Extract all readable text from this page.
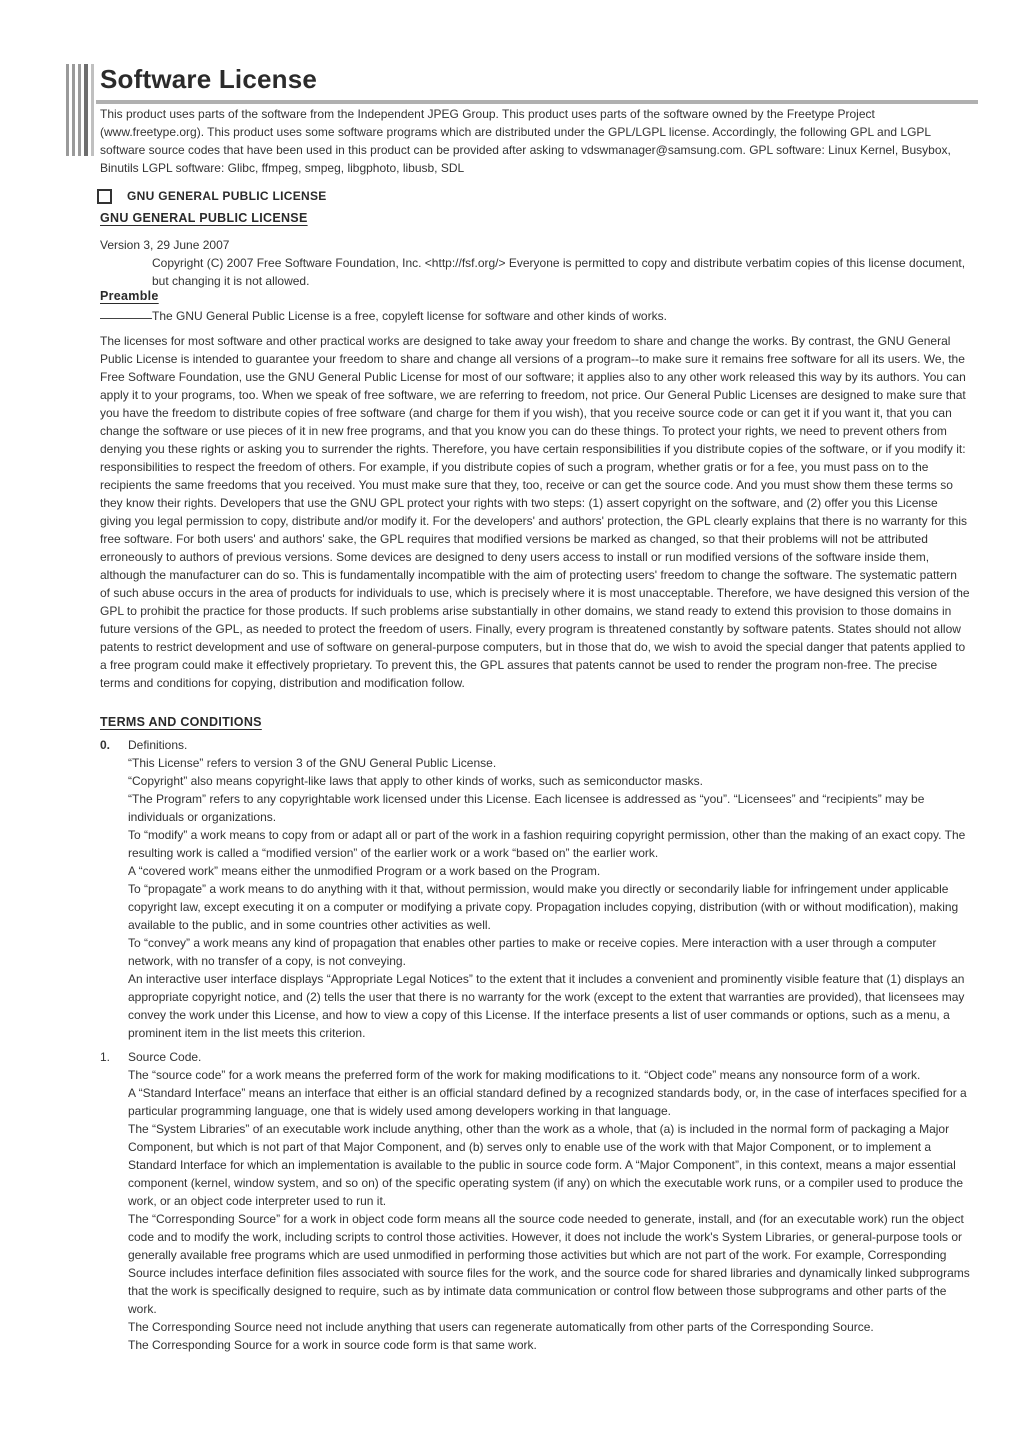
Software License

This product uses parts of the software from the Independent JPEG Group. This product uses parts of the software owned by the Freetype Project (www.freetype.org). This product uses some software programs which are distributed under the GPL/LGPL license. Accordingly, the following GPL and LGPL software source codes that have been used in this product can be provided after asking to vdswmanager@samsung.com. GPL software: Linux Kernel, Busybox, Binutils LGPL software: Glibc, ffmpeg, smpeg, libgphoto, libusb, SDL

GNU GENERAL PUBLIC LICENSE
GNU GENERAL PUBLIC LICENSE

Version 3, 29 June 2007

Copyright (C) 2007 Free Software Foundation, Inc. <http://fsf.org/> Everyone is permitted to copy and distribute verbatim copies of this license document, but changing it is not allowed.

Preamble

The GNU General Public License is a free, copyleft license for software and other kinds of works.

The licenses for most software and other practical works are designed to take away your freedom to share and change the works. By contrast, the GNU General Public License is intended to guarantee your freedom to share and change all versions of a program--to make sure it remains free software for all its users. We, the Free Software Foundation, use the GNU General Public License for most of our software; it applies also to any other work released this way by its authors. You can apply it to your programs, too. When we speak of free software, we are referring to freedom, not price. Our General Public Licenses are designed to make sure that you have the freedom to distribute copies of free software (and charge for them if you wish), that you receive source code or can get it if you want it, that you can change the software or use pieces of it in new free programs, and that you know you can do these things. To protect your rights, we need to prevent others from denying you these rights or asking you to surrender the rights. Therefore, you have certain responsibilities if you distribute copies of the software, or if you modify it: responsibilities to respect the freedom of others. For example, if you distribute copies of such a program, whether gratis or for a fee, you must pass on to the recipients the same freedoms that you received. You must make sure that they, too, receive or can get the source code. And you must show them these terms so they know their rights. Developers that use the GNU GPL protect your rights with two steps: (1) assert copyright on the software, and (2) offer you this License giving you legal permission to copy, distribute and/or modify it. For the developers' and authors' protection, the GPL clearly explains that there is no warranty for this free software. For both users' and authors' sake, the GPL requires that modified versions be marked as changed, so that their problems will not be attributed erroneously to authors of previous versions. Some devices are designed to deny users access to install or run modified versions of the software inside them, although the manufacturer can do so. This is fundamentally incompatible with the aim of protecting users' freedom to change the software. The systematic pattern of such abuse occurs in the area of products for individuals to use, which is precisely where it is most unacceptable. Therefore, we have designed this version of the GPL to prohibit the practice for those products. If such problems arise substantially in other domains, we stand ready to extend this provision to those domains in future versions of the GPL, as needed to protect the freedom of users. Finally, every program is threatened constantly by software patents. States should not allow patents to restrict development and use of software on general-purpose computers, but in those that do, we wish to avoid the special danger that patents applied to a free program could make it effectively proprietary. To prevent this, the GPL assures that patents cannot be used to render the program non-free. The precise terms and conditions for copying, distribution and modification follow.

TERMS AND CONDITIONS

0. Definitions.

“This License” refers to version 3 of the GNU General Public License.

“Copyright” also means copyright-like laws that apply to other kinds of works, such as semiconductor masks.

“The Program” refers to any copyrightable work licensed under this License. Each licensee is addressed as “you”. “Licensees” and “recipients” may be individuals or organizations.

To “modify” a work means to copy from or adapt all or part of the work in a fashion requiring copyright permission, other than the making of an exact copy. The resulting work is called a “modified version” of the earlier work or a work “based on” the earlier work.

A “covered work” means either the unmodified Program or a work based on the Program.

To “propagate” a work means to do anything with it that, without permission, would make you directly or secondarily liable for infringement under applicable copyright law, except executing it on a computer or modifying a private copy. Propagation includes copying, distribution (with or without modification), making available to the public, and in some countries other activities as well.

To “convey” a work means any kind of propagation that enables other parties to make or receive copies. Mere interaction with a user through a computer network, with no transfer of a copy, is not conveying.

An interactive user interface displays “Appropriate Legal Notices” to the extent that it includes a convenient and prominently visible feature that (1) displays an appropriate copyright notice, and (2) tells the user that there is no warranty for the work (except to the extent that warranties are provided), that licensees may convey the work under this License, and how to view a copy of this License. If the interface presents a list of user commands or options, such as a menu, a prominent item in the list meets this criterion.

1. Source Code.

The “source code” for a work means the preferred form of the work for making modifications to it. “Object code” means any nonsource form of a work.

A “Standard Interface” means an interface that either is an official standard defined by a recognized standards body, or, in the case of interfaces specified for a particular programming language, one that is widely used among developers working in that language.

The “System Libraries” of an executable work include anything, other than the work as a whole, that (a) is included in the normal form of packaging a Major Component, but which is not part of that Major Component, and (b) serves only to enable use of the work with that Major Component, or to implement a Standard Interface for which an implementation is available to the public in source code form. A “Major Component”, in this context, means a major essential component (kernel, window system, and so on) of the specific operating system (if any) on which the executable work runs, or a compiler used to produce the work, or an object code interpreter used to run it.

The “Corresponding Source” for a work in object code form means all the source code needed to generate, install, and (for an executable work) run the object code and to modify the work, including scripts to control those activities. However, it does not include the work's System Libraries, or general-purpose tools or generally available free programs which are used unmodified in performing those activities but which are not part of the work. For example, Corresponding Source includes interface definition files associated with source files for the work, and the source code for shared libraries and dynamically linked subprograms that the work is specifically designed to require, such as by intimate data communication or control flow between those subprograms and other parts of the work.

The Corresponding Source need not include anything that users can regenerate automatically from other parts of the Corresponding Source.

The Corresponding Source for a work in source code form is that same work.
